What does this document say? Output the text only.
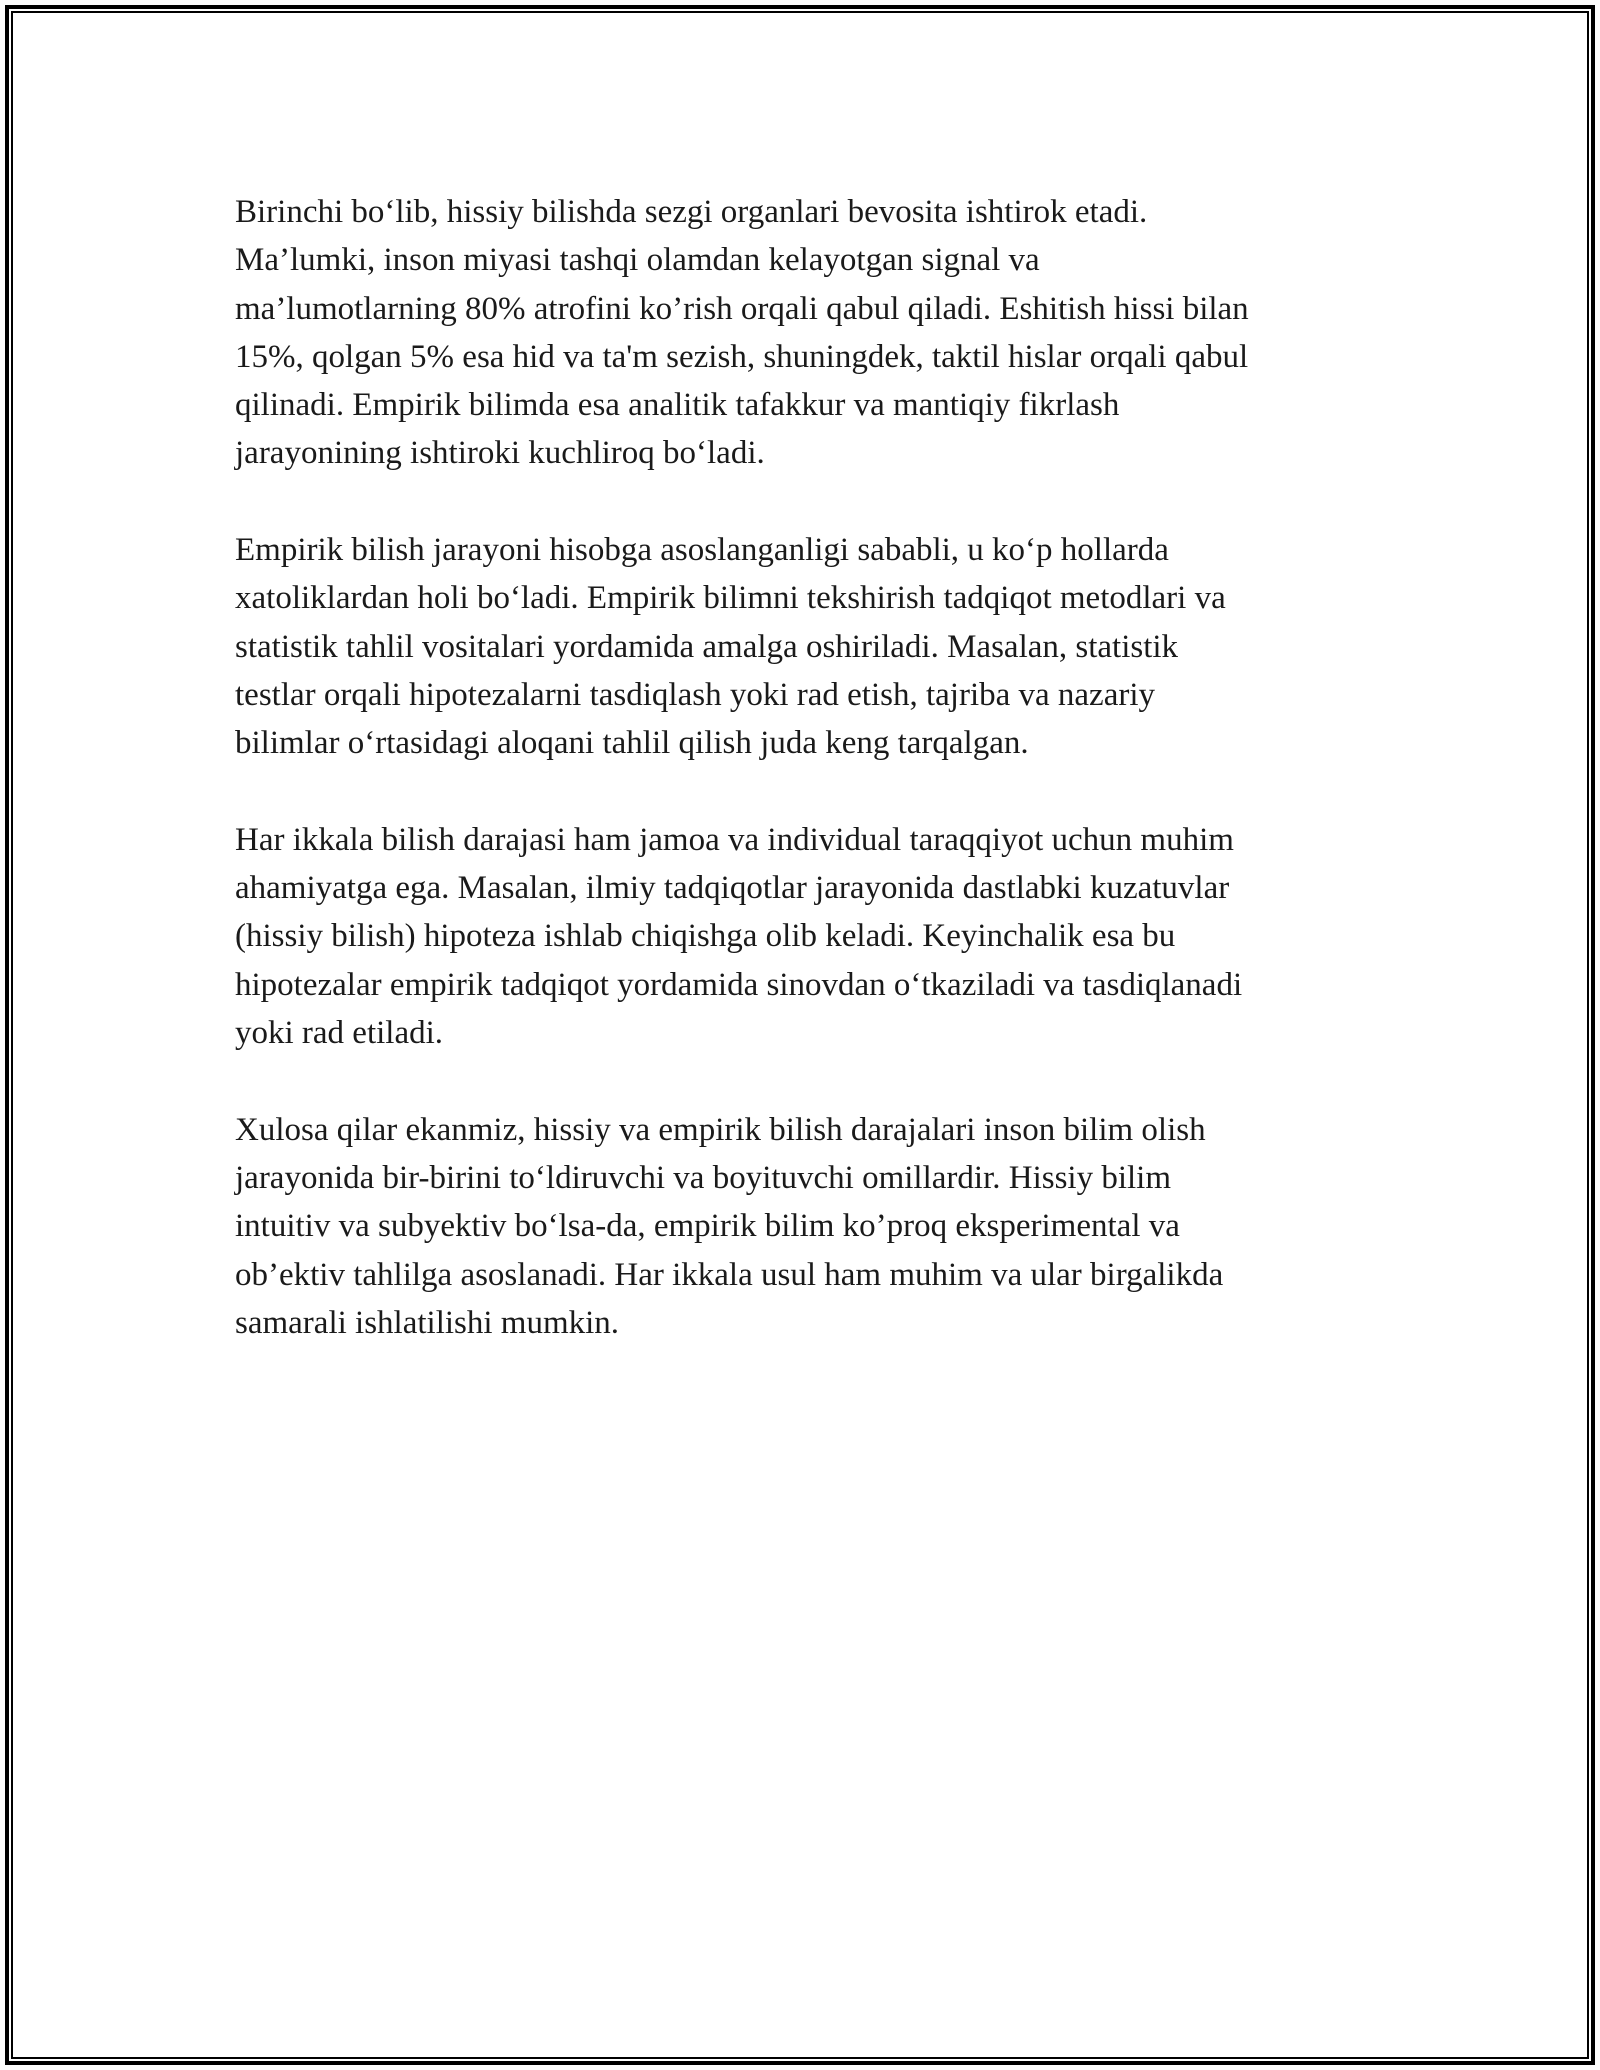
Birinchi bo‘lib, hissiy bilishda sezgi organlari bevosita ishtirok etadi.
Ma’lumki, inson miyasi tashqi olamdan kelayotgan signal va
ma’lumotlarning 80% atrofini ko’rish orqali qabul qiladi. Eshitish hissi bilan
15%, qolgan 5% esa hid va ta'm sezish, shuningdek, taktil hislar orqali qabul
qilinadi. Empirik bilimda esa analitik tafakkur va mantiqiy fikrlash
jarayonining ishtiroki kuchliroq bo‘ladi.

Empirik bilish jarayoni hisobga asoslanganligi sababli, u ko‘p hollarda
xatoliklardan holi bo‘ladi. Empirik bilimni tekshirish tadqiqot metodlari va
statistik tahlil vositalari yordamida amalga oshiriladi. Masalan, statistik
testlar orqali hipotezalarni tasdiqlash yoki rad etish, tajriba va nazariy
bilimlar o‘rtasidagi aloqani tahlil qilish juda keng tarqalgan.

Har ikkala bilish darajasi ham jamoa va individual taraqqiyot uchun muhim
ahamiyatga ega. Masalan, ilmiy tadqiqotlar jarayonida dastlabki kuzatuvlar
(hissiy bilish) hipoteza ishlab chiqishga olib keladi. Keyinchalik esa bu
hipotezalar empirik tadqiqot yordamida sinovdan o‘tkaziladi va tasdiqlanadi
yoki rad etiladi.

Xulosa qilar ekanmiz, hissiy va empirik bilish darajalari inson bilim olish
jarayonida bir-birini to‘ldiruvchi va boyituvchi omillardir. Hissiy bilim
intuitiv va subyektiv bo‘lsa-da, empirik bilim ko’proq eksperimental va
ob’ektiv tahlilga asoslanadi. Har ikkala usul ham muhim va ular birgalikda
samarali ishlatilishi mumkin.
